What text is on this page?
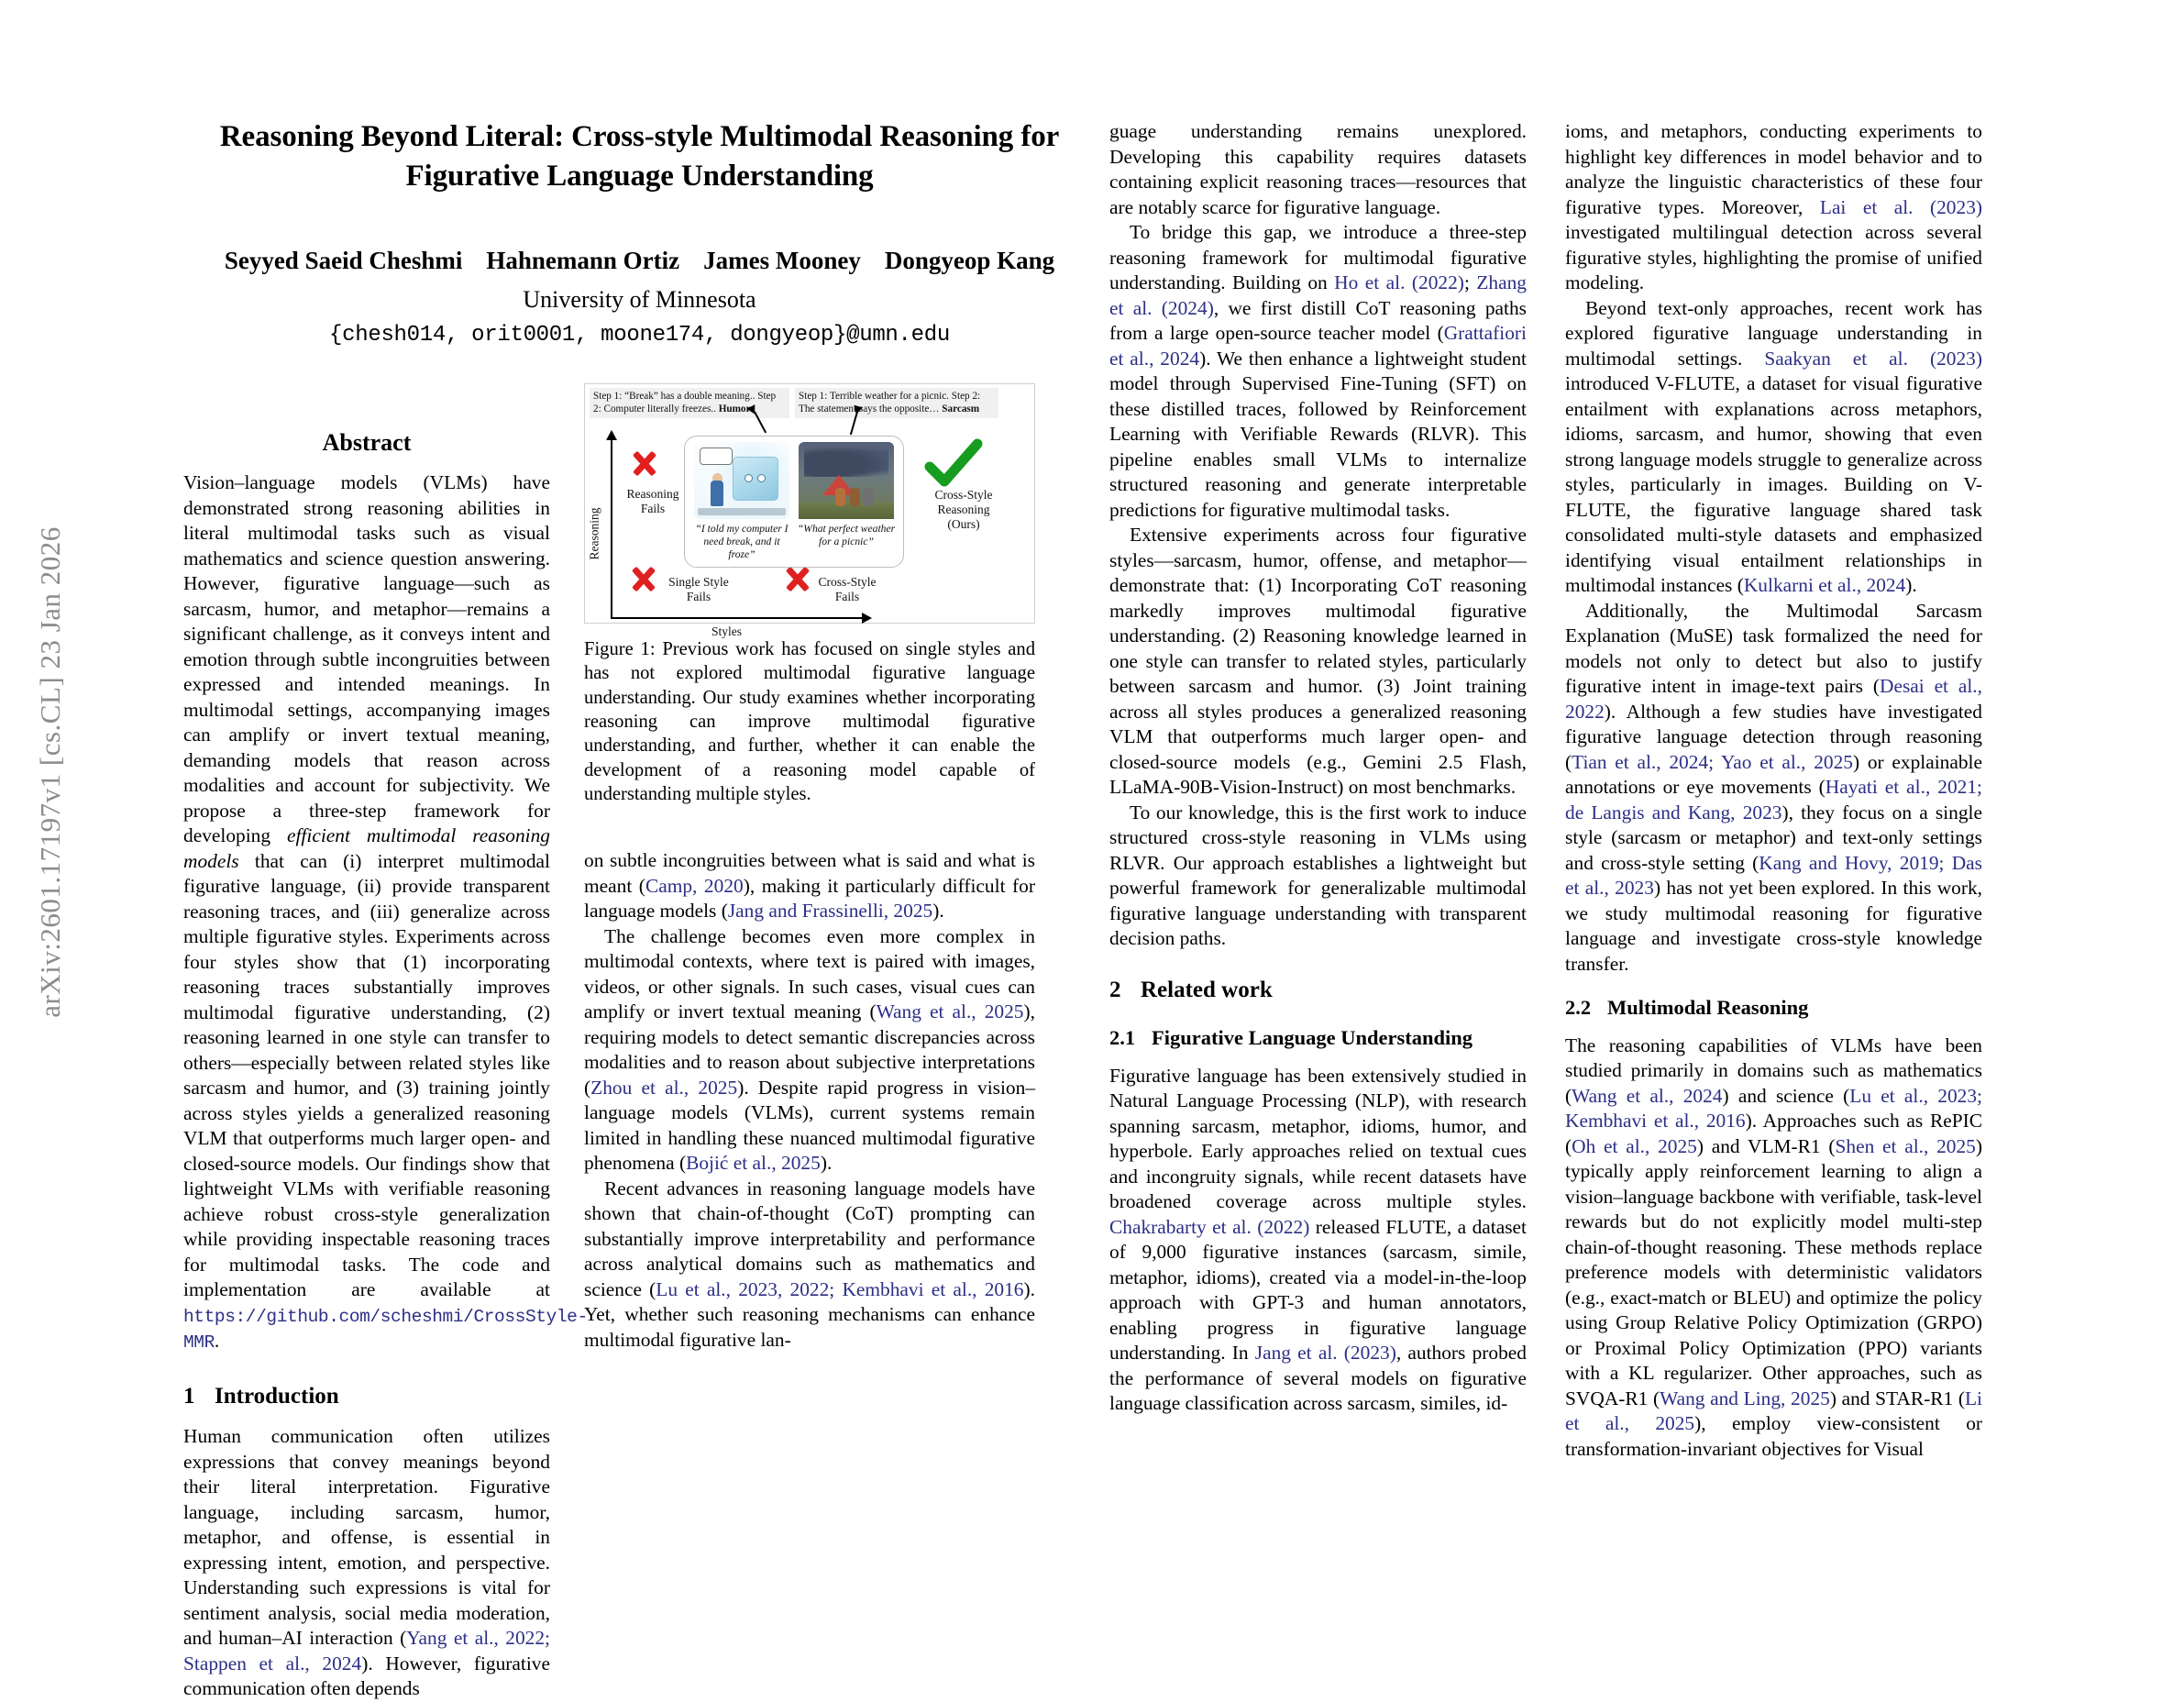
arXiv:2601.17197v1 [cs.CL] 23 Jan 2026
Reasoning Beyond Literal: Cross-style Multimodal Reasoning for Figurative Language Understanding
Seyyed Saeid Cheshmi Hahnemann Ortiz James Mooney Dongyeop Kang
University of Minnesota
{chesh014, orit0001, moone174, dongyeop}@umn.edu
Abstract
Vision–language models (VLMs) have demonstrated strong reasoning abilities in literal multimodal tasks such as visual mathematics and science question answering. However, figurative language—such as sarcasm, humor, and metaphor—remains a significant challenge, as it conveys intent and emotion through subtle incongruities between expressed and intended meanings. In multimodal settings, accompanying images can amplify or invert textual meaning, demanding models that reason across modalities and account for subjectivity. We propose a three-step framework for developing efficient multimodal reasoning models that can (i) interpret multimodal figurative language, (ii) provide transparent reasoning traces, and (iii) generalize across multiple figurative styles. Experiments across four styles show that (1) incorporating reasoning traces substantially improves multimodal figurative understanding, (2) reasoning learned in one style can transfer to others—especially between related styles like sarcasm and humor, and (3) training jointly across styles yields a generalized reasoning VLM that outperforms much larger open- and closed-source models. Our findings show that lightweight VLMs with verifiable reasoning achieve robust cross-style generalization while providing inspectable reasoning traces for multimodal tasks. The code and implementation are available at https://github.com/scheshmi/CrossStyle-MMR.
1 Introduction

Human communication often utilizes expressions that convey meanings beyond their literal interpretation. Figurative language, including sarcasm, humor, metaphor, and offense, is essential in expressing intent, emotion, and perspective. Understanding such expressions is vital for sentiment analysis, social media moderation, and human–AI interaction (Yang et al., 2022; Stappen et al., 2024). However, figurative communication often depends

Step 1: “Break” has a double meaning.. Step 2: Computer literally freezes.. Humor
Step 1: Terrible weather for a picnic. Step 2: The statement says the opposite… Sarcasm
Reasoning
Styles
Reasoning Fails
Single Style Fails
Cross-Style Fails
Cross-Style Reasoning (Ours)
“I told my computer I need break, and it froze”
“What perfect weather for a picnic”
Figure 1: Previous work has focused on single styles and has not explored multimodal figurative language understanding. Our study examines whether incorporating reasoning can improve multimodal figurative understanding, and further, whether it can enable the development of a reasoning model capable of understanding multiple styles.

on subtle incongruities between what is said and what is meant (Camp, 2020), making it particularly difficult for language models (Jang and Frassinelli, 2025).

The challenge becomes even more complex in multimodal contexts, where text is paired with images, videos, or other signals. In such cases, visual cues can amplify or invert textual meaning (Wang et al., 2025), requiring models to detect semantic discrepancies across modalities and to reason about subjective interpretations (Zhou et al., 2025). Despite rapid progress in vision–language models (VLMs), current systems remain limited in handling these nuanced multimodal figurative phenomena (Bojić et al., 2025).

Recent advances in reasoning language models have shown that chain-of-thought (CoT) prompting can substantially improve interpretability and performance across analytical domains such as mathematics and science (Lu et al., 2023, 2022; Kembhavi et al., 2016). Yet, whether such reasoning mechanisms can enhance multimodal figurative lan-

guage understanding remains unexplored. Developing this capability requires datasets containing explicit reasoning traces—resources that are notably scarce for figurative language.

To bridge this gap, we introduce a three-step reasoning framework for multimodal figurative understanding. Building on Ho et al. (2022); Zhang et al. (2024), we first distill CoT reasoning paths from a large open-source teacher model (Grattafiori et al., 2024). We then enhance a lightweight student model through Supervised Fine-Tuning (SFT) on these distilled traces, followed by Reinforcement Learning with Verifiable Rewards (RLVR). This pipeline enables small VLMs to internalize structured reasoning and generate interpretable predictions for figurative multimodal tasks.

Extensive experiments across four figurative styles—sarcasm, humor, offense, and metaphor—demonstrate that: (1) Incorporating CoT reasoning markedly improves multimodal figurative understanding. (2) Reasoning knowledge learned in one style can transfer to related styles, particularly between sarcasm and humor. (3) Joint training across all styles produces a generalized reasoning VLM that outperforms much larger open- and closed-source models (e.g., Gemini 2.5 Flash, LLaMA-90B-Vision-Instruct) on most benchmarks.

To our knowledge, this is the first work to induce structured cross-style reasoning in VLMs using RLVR. Our approach establishes a lightweight but powerful framework for generalizable multimodal figurative language understanding with transparent decision paths.

2 Related work
2.1 Figurative Language Understanding

Figurative language has been extensively studied in Natural Language Processing (NLP), with research spanning sarcasm, metaphor, idioms, humor, and hyperbole. Early approaches relied on textual cues and incongruity signals, while recent datasets have broadened coverage across multiple styles. Chakrabarty et al. (2022) released FLUTE, a dataset of 9,000 figurative instances (sarcasm, simile, metaphor, idioms), created via a model-in-the-loop approach with GPT-3 and human annotators, enabling progress in figurative language understanding. In Jang et al. (2023), authors probed the performance of several models on figurative language classification across sarcasm, similes, id-

ioms, and metaphors, conducting experiments to highlight key differences in model behavior and to analyze the linguistic characteristics of these four figurative types. Moreover, Lai et al. (2023) investigated multilingual detection across several figurative styles, highlighting the promise of unified modeling.

Beyond text-only approaches, recent work has explored figurative language understanding in multimodal settings. Saakyan et al. (2023) introduced V-FLUTE, a dataset for visual figurative entailment with explanations across metaphors, idioms, sarcasm, and humor, showing that even strong language models struggle to generalize across styles, particularly in images. Building on V-FLUTE, the figurative language shared task consolidated multi-style datasets and emphasized identifying visual entailment relationships in multimodal instances (Kulkarni et al., 2024).

Additionally, the Multimodal Sarcasm Explanation (MuSE) task formalized the need for models not only to detect but also to justify figurative intent in image-text pairs (Desai et al., 2022). Although a few studies have investigated figurative language detection through reasoning (Tian et al., 2024; Yao et al., 2025) or explainable annotations or eye movements (Hayati et al., 2021; de Langis and Kang, 2023), they focus on a single style (sarcasm or metaphor) and text-only settings and cross-style setting (Kang and Hovy, 2019; Das et al., 2023) has not yet been explored. In this work, we study multimodal reasoning for figurative language and investigate cross-style knowledge transfer.

2.2 Multimodal Reasoning

The reasoning capabilities of VLMs have been studied primarily in domains such as mathematics (Wang et al., 2024) and science (Lu et al., 2023; Kembhavi et al., 2016). Approaches such as RePIC (Oh et al., 2025) and VLM-R1 (Shen et al., 2025) typically apply reinforcement learning to align a vision–language backbone with verifiable, task-level rewards but do not explicitly model multi-step chain-of-thought reasoning. These methods replace preference models with deterministic validators (e.g., exact-match or BLEU) and optimize the policy using Group Relative Policy Optimization (GRPO) or Proximal Policy Optimization (PPO) variants with a KL regularizer. Other approaches, such as SVQA-R1 (Wang and Ling, 2025) and STAR-R1 (Li et al., 2025), employ view-consistent or transformation-invariant objectives for Visual
